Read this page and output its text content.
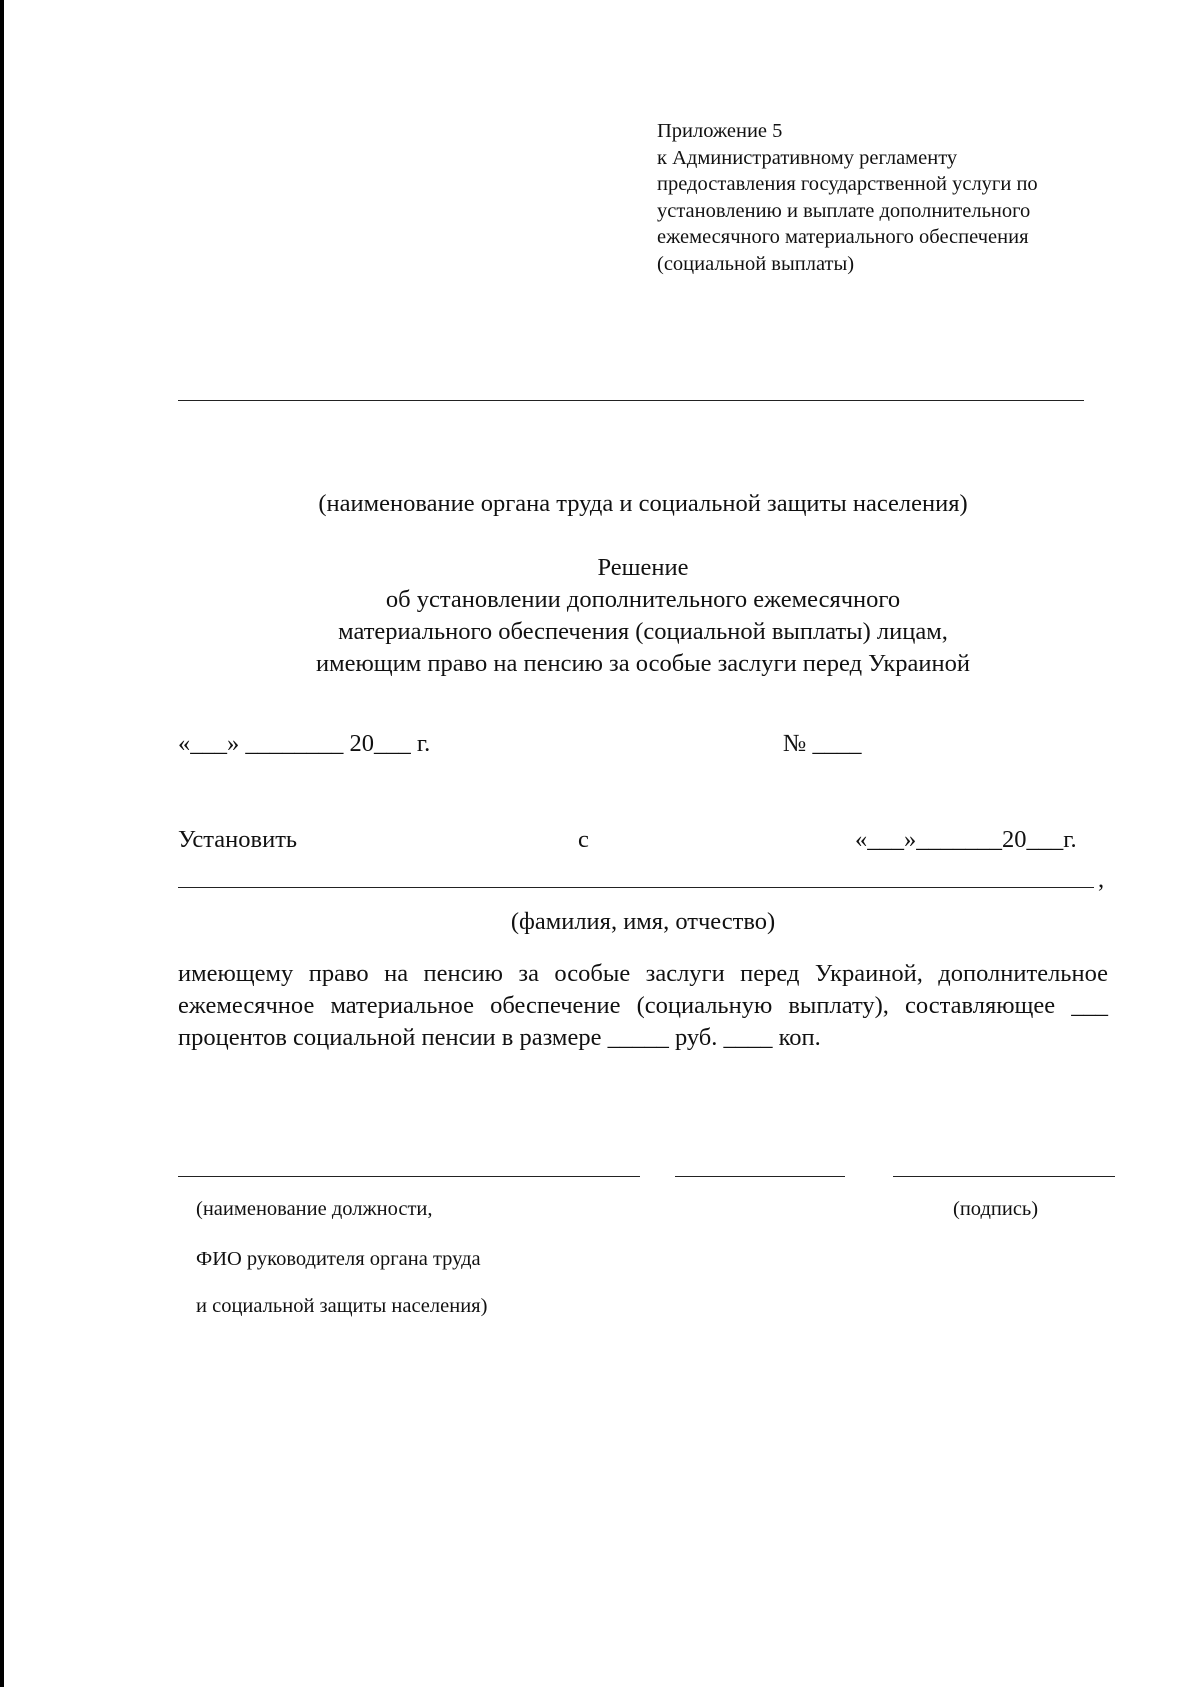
Приложение 5
к Административному регламенту
предоставления государственной услуги по
установлению и выплате дополнительного
ежемесячного материального обеспечения
(социальной выплаты)
(наименование органа труда и социальной защиты населения)
Решение
об установлении дополнительного ежемесячного
материального обеспечения (социальной выплаты) лицам,
имеющим право на пенсию за особые заслуги перед Украиной
«___» ________ 20___ г.	№ ____
Установить	с	«___»_______20___г.
,
(фамилия, имя, отчество)
имеющему право на пенсию за особые заслуги перед Украиной, дополнительное ежемесячное материальное обеспечение (социальную выплату), составляющее ___ процентов социальной пенсии в размере _____ руб. ____ коп.
(наименование должности,
ФИО руководителя органа труда
и социальной защиты населения)
(подпись)
